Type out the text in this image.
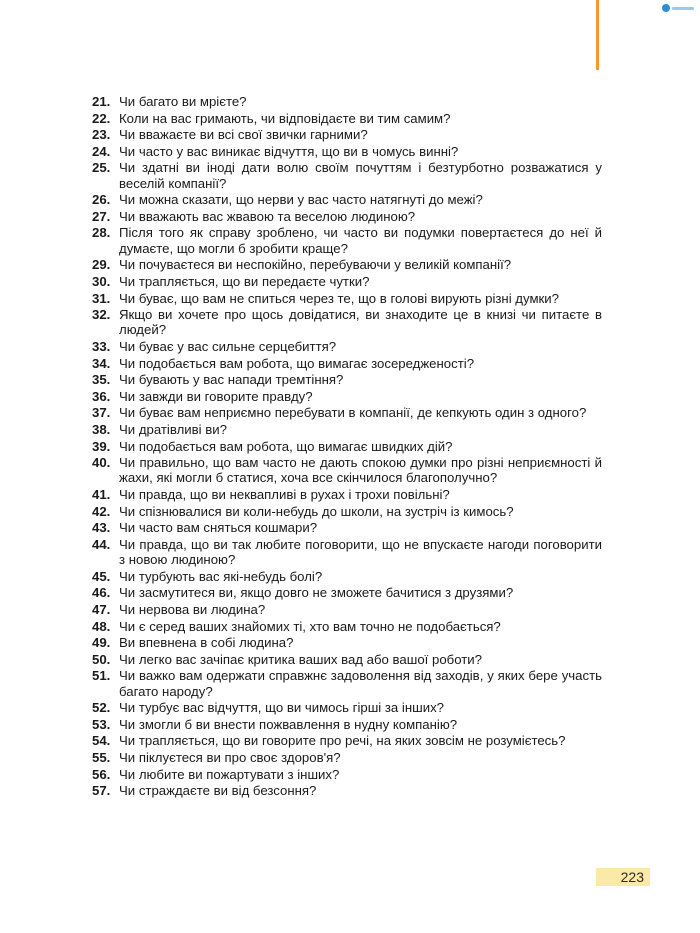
21. Чи багато ви мрієте?
22. Коли на вас гримають, чи відповідаєте ви тим самим?
23. Чи вважаєте ви всі свої звички гарними?
24. Чи часто у вас виникає відчуття, що ви в чомусь винні?
25. Чи здатні ви іноді дати волю своїм почуттям і безтурботно розважатися у веселій компанії?
26. Чи можна сказати, що нерви у вас часто натягнуті до межі?
27. Чи вважають вас жвавою та веселою людиною?
28. Після того як справу зроблено, чи часто ви подумки повертаєтеся до неї й думаєте, що могли б зробити краще?
29. Чи почуваєтеся ви неспокійно, перебуваючи у великій компанії?
30. Чи трапляється, що ви передаєте чутки?
31. Чи буває, що вам не спиться через те, що в голові вирують різні думки?
32. Якщо ви хочете про щось довідатися, ви знаходите це в книзі чи питаєте в людей?
33. Чи буває у вас сильне серцебиття?
34. Чи подобається вам робота, що вимагає зосередженості?
35. Чи бувають у вас напади тремтіння?
36. Чи завжди ви говорите правду?
37. Чи буває вам неприємно перебувати в компанії, де кепкують один з одного?
38. Чи дратівливі ви?
39. Чи подобається вам робота, що вимагає швидких дій?
40. Чи правильно, що вам часто не дають спокою думки про різні неприємності й жахи, які могли б статися, хоча все скінчилося благополучно?
41. Чи правда, що ви неквапливі в рухах і трохи повільні?
42. Чи спізнювалися ви коли-небудь до школи, на зустріч із кимось?
43. Чи часто вам сняться кошмари?
44. Чи правда, що ви так любите поговорити, що не впускаєте нагоди поговорити з новою людиною?
45. Чи турбують вас які-небудь болі?
46. Чи засмутитеся ви, якщо довго не зможете бачитися з друзями?
47. Чи нервова ви людина?
48. Чи є серед ваших знайомих ті, хто вам точно не подобається?
49. Ви впевнена в собі людина?
50. Чи легко вас зачіпає критика ваших вад або вашої роботи?
51. Чи важко вам одержати справжнє задоволення від заходів, у яких бере участь багато народу?
52. Чи турбує вас відчуття, що ви чимось гірші за інших?
53. Чи змогли б ви внести пожвавлення в нудну компанію?
54. Чи трапляється, що ви говорите про речі, на яких зовсім не розумієтесь?
55. Чи піклуєтеся ви про своє здоров'я?
56. Чи любите ви пожартувати з інших?
57. Чи страждаєте ви від безсоння?
223
